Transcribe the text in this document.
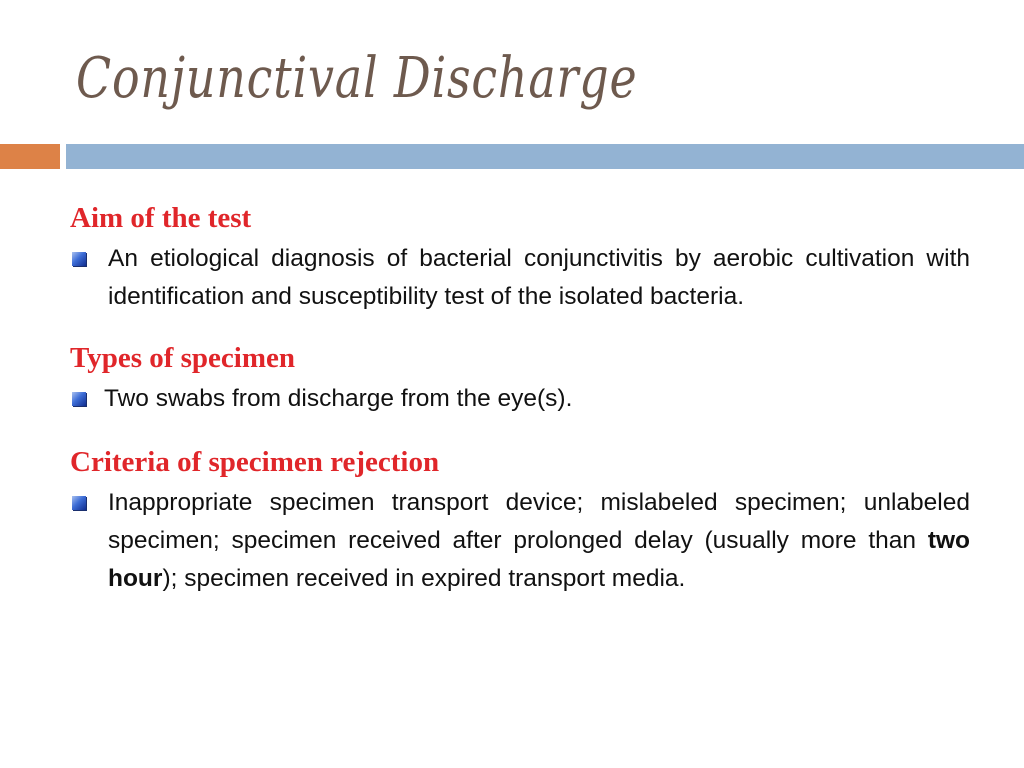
Conjunctival Discharge
Aim of the test
An etiological diagnosis of bacterial conjunctivitis by aerobic cultivation with identification and susceptibility test of the isolated bacteria.
Types of specimen
Two swabs from discharge from the eye(s).
Criteria of specimen rejection
Inappropriate specimen transport device; mislabeled specimen; unlabeled specimen; specimen received after prolonged delay (usually more than two hour); specimen received in expired transport media.
